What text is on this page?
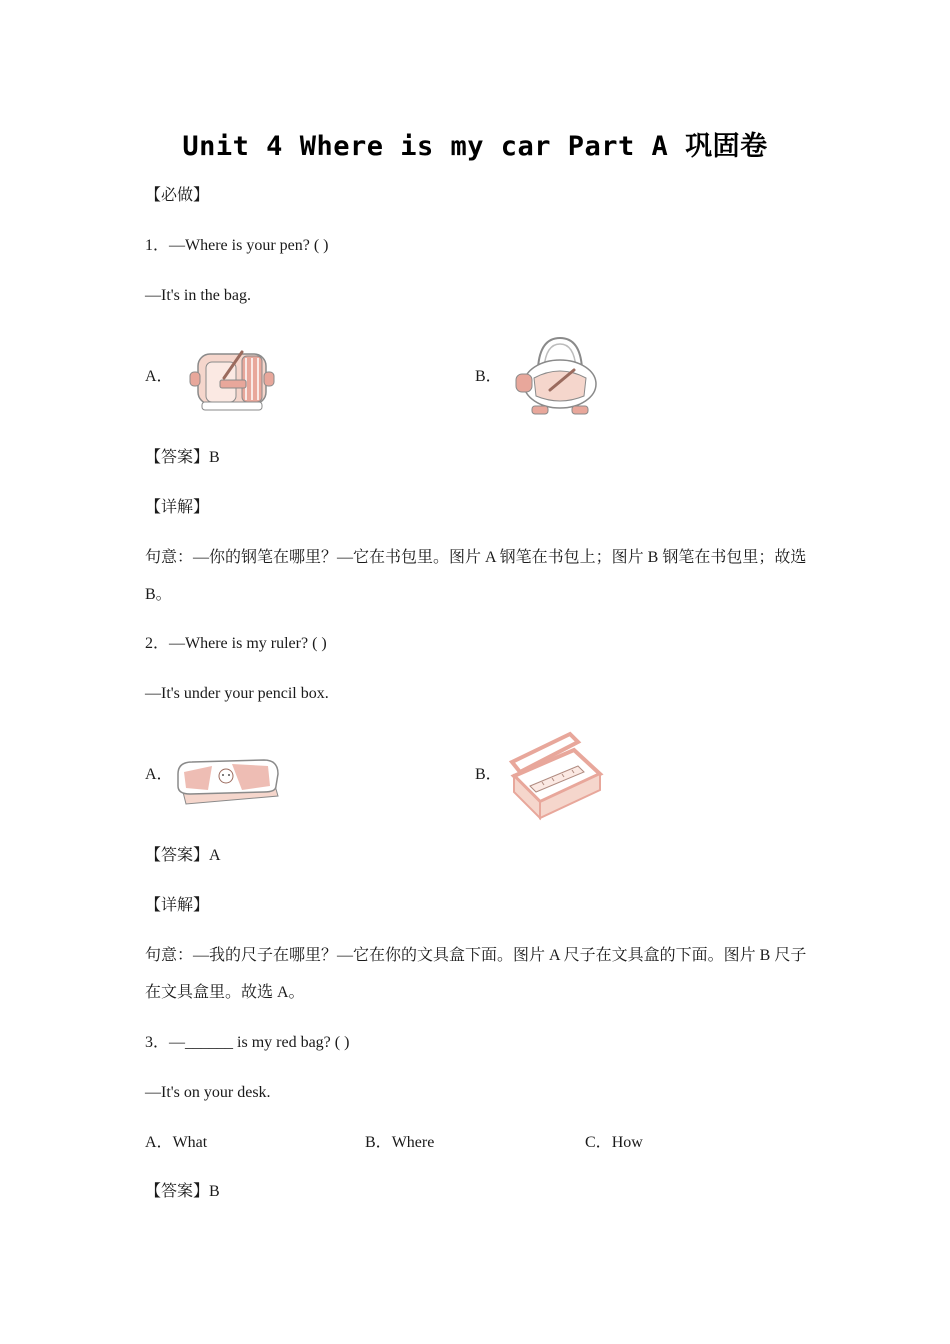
Unit 4 Where is my car Part A 巩固卷
【必做】
1．—Where is your pen? ( )
—It's in the bag.
A．	B．
【答案】B
【详解】
句意：—你的钢笔在哪里？—它在书包里。图片 A 钢笔在书包上；图片 B 钢笔在书包里；故选 B。
2．—Where is my ruler? ( )
—It's under your pencil box.
A．	B．
【答案】A
【详解】
句意：—我的尺子在哪里？—它在你的文具盒下面。图片 A 尺子在文具盒的下面。图片 B 尺子在文具盒里。故选 A。
3．—______ is my red bag? ( )
—It's on your desk.
A．What	B．Where	C．How
【答案】B
